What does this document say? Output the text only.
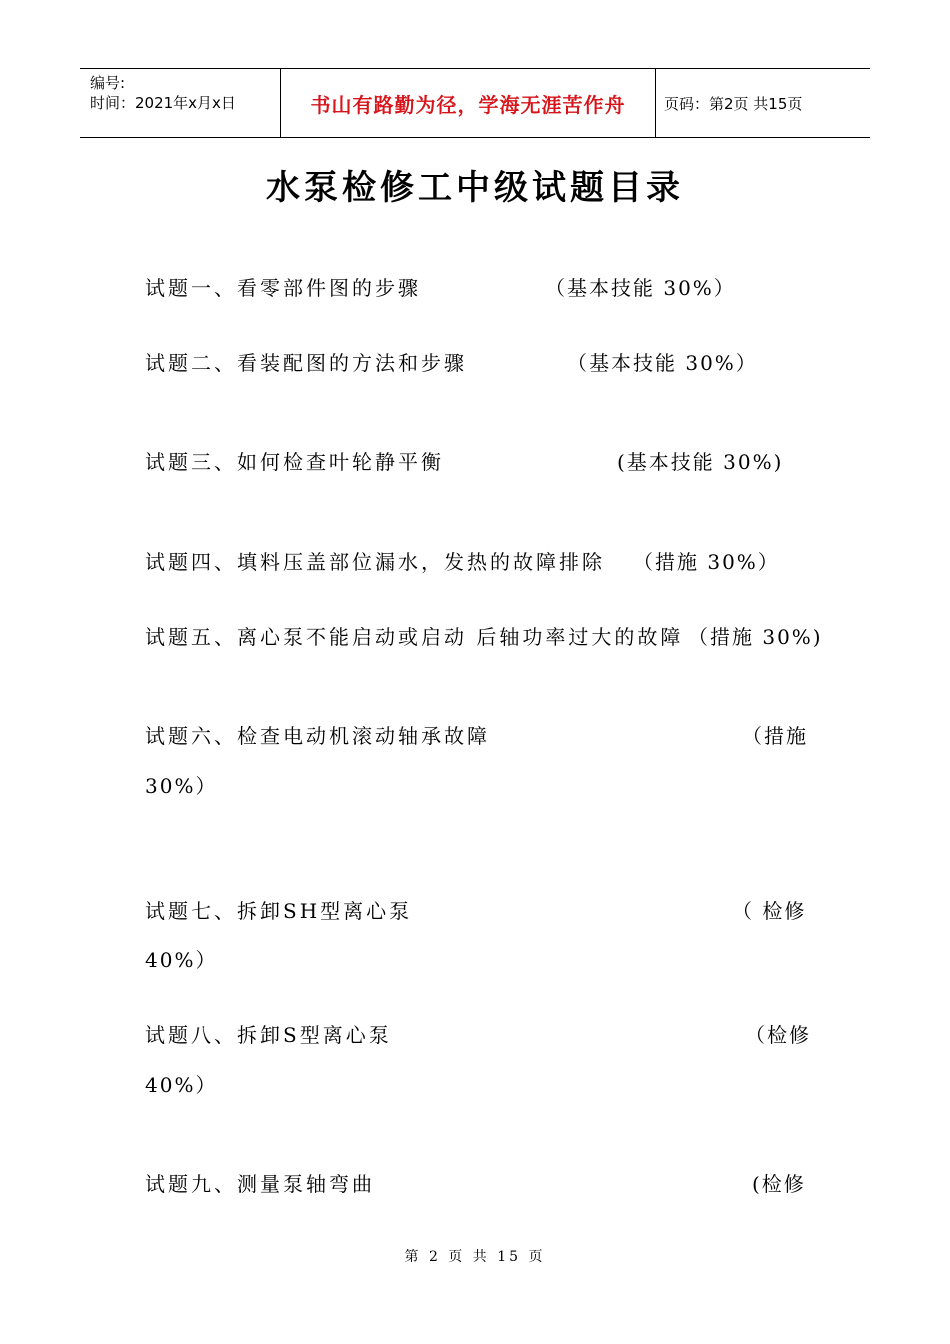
编号:
时间：2021年x月x日	书山有路勤为径，学海无涯苦作舟	页码：第2页 共15页
水泵检修工中级试题目录
试题一、看零部件图的步骤	（基本技能 30%）
试题二、看装配图的方法和步骤	（基本技能 30%）
试题三、如何检查叶轮静平衡	(基本技能 30%)
试题四、填料压盖部位漏水，发热的故障排除 （措施 30%）
试题五、离心泵不能启动或启动 后轴功率过大的故障 （措施 30%)
试题六、检查电动机滚动轴承故障	（措施
30%）
试题七、拆卸SH型离心泵	（ 检修
40%）
试题八、拆卸S型离心泵	（检修
40%）
试题九、测量泵轴弯曲	(检修
第 2 页 共 15 页
